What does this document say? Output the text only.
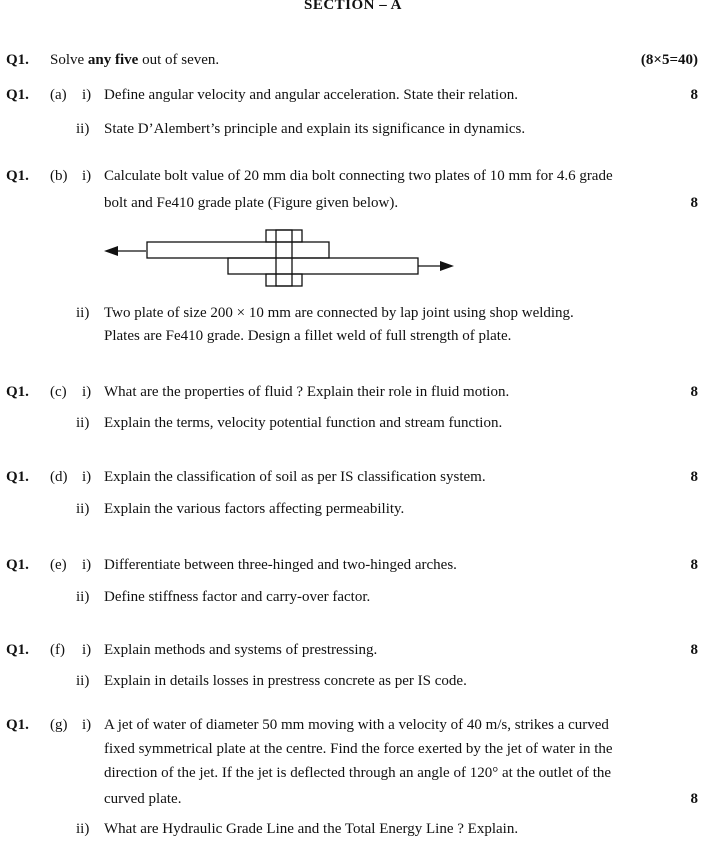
SECTION – A
Q1. Solve any five out of seven.	(8×5=40)
Q1. (a) i) Define angular velocity and angular acceleration. State their relation.	8
ii) State D’Alembert’s principle and explain its significance in dynamics.
Q1. (b) i) Calculate bolt value of 20 mm dia bolt connecting two plates of 10 mm for 4.6 grade
bolt and Fe410 grade plate (Figure given below).	8
ii) Two plate of size 200 × 10 mm are connected by lap joint using shop welding.
Plates are Fe410 grade. Design a fillet weld of full strength of plate.
Q1. (c) i) What are the properties of fluid ? Explain their role in fluid motion.	8
ii) Explain the terms, velocity potential function and stream function.
Q1. (d) i) Explain the classification of soil as per IS classification system.	8
ii) Explain the various factors affecting permeability.
Q1. (e) i) Differentiate between three-hinged and two-hinged arches.	8
ii) Define stiffness factor and carry-over factor.
Q1. (f) i) Explain methods and systems of prestressing.	8
ii) Explain in details losses in prestress concrete as per IS code.
Q1. (g) i) A jet of water of diameter 50 mm moving with a velocity of 40 m/s, strikes a curved
fixed symmetrical plate at the centre. Find the force exerted by the jet of water in the
direction of the jet. If the jet is deflected through an angle of 120° at the outlet of the
curved plate.	8
ii) What are Hydraulic Grade Line and the Total Energy Line ? Explain.
